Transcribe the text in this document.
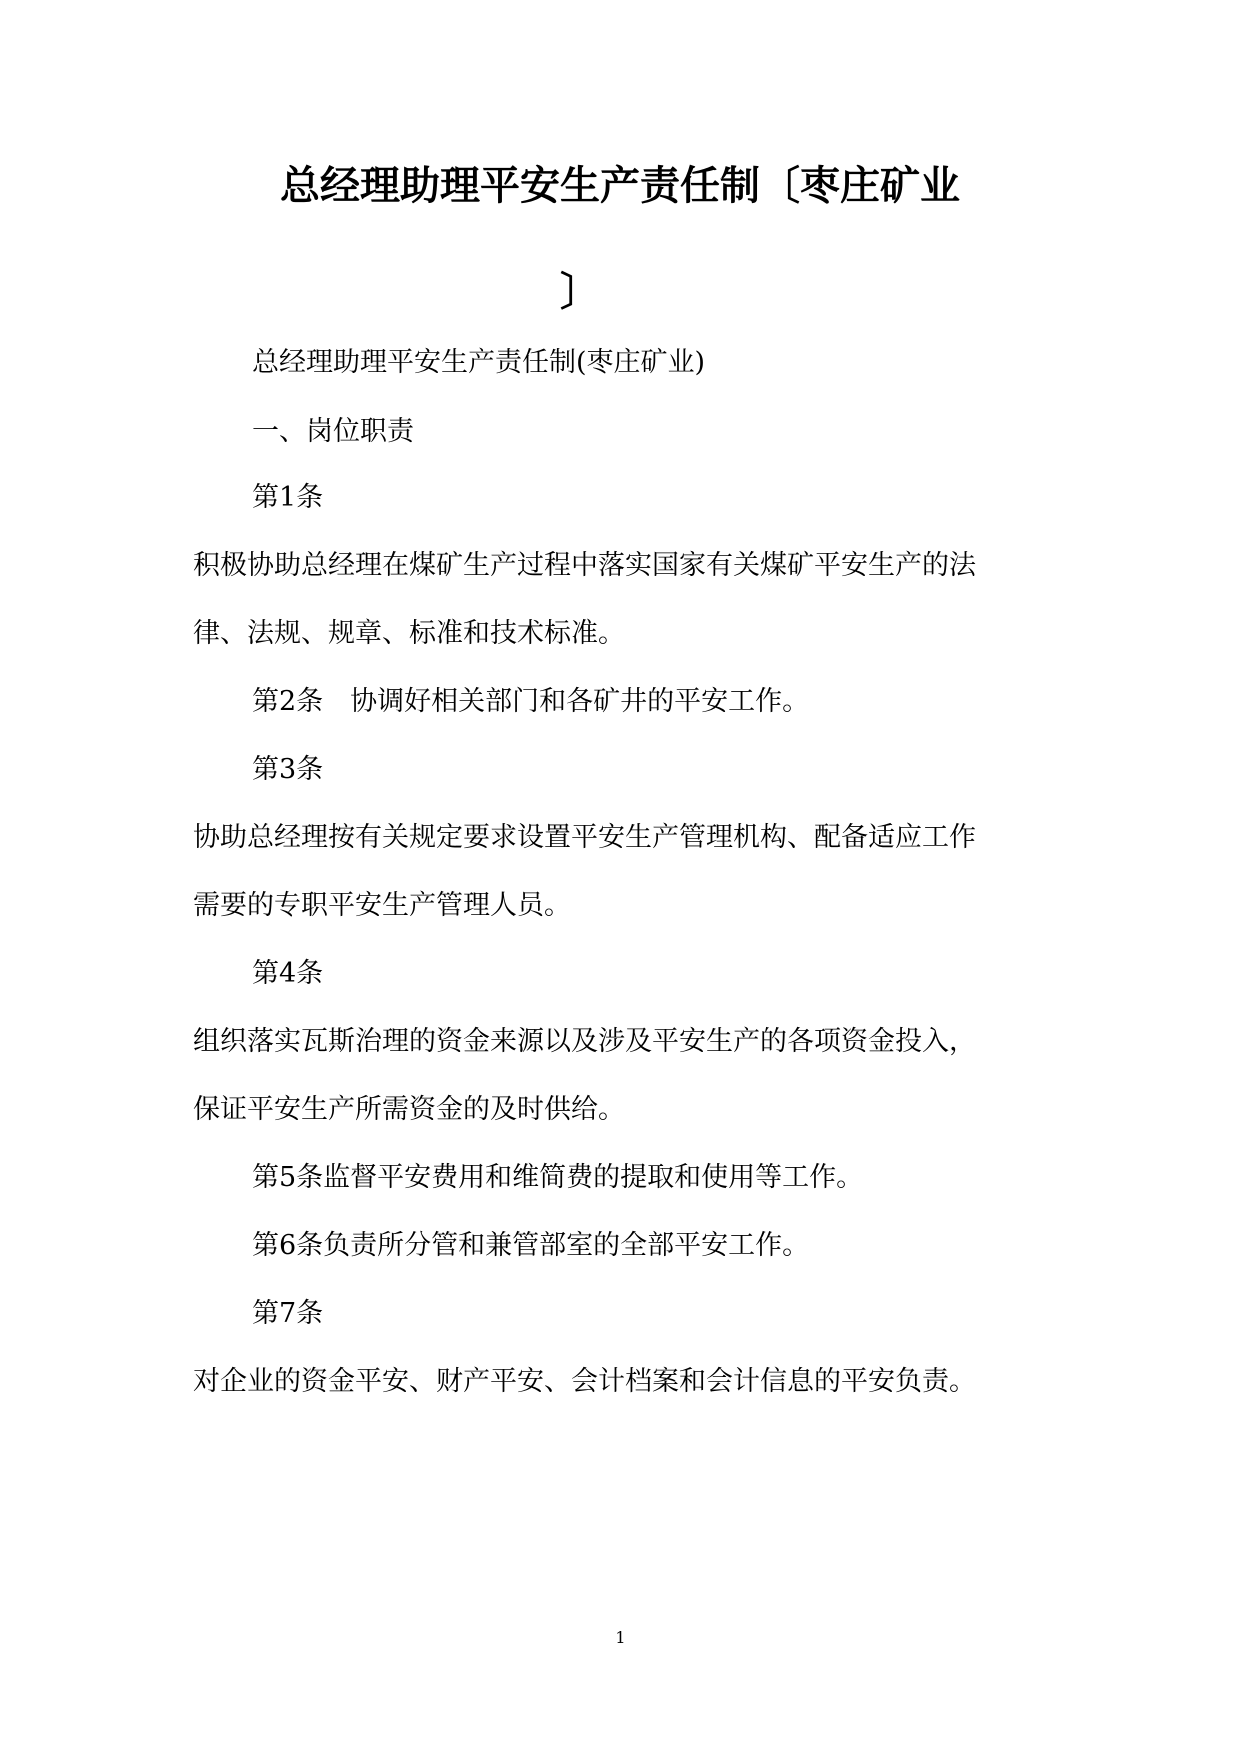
总经理助理平安生产责任制〔枣庄矿业
〕
总经理助理平安生产责任制(枣庄矿业)
一、岗位职责
第1条
积极协助总经理在煤矿生产过程中落实国家有关煤矿平安生产的法
律、法规、规章、标准和技术标准。
第2条　协调好相关部门和各矿井的平安工作。
第3条
协助总经理按有关规定要求设置平安生产管理机构、配备适应工作
需要的专职平安生产管理人员。
第4条
组织落实瓦斯治理的资金来源以及涉及平安生产的各项资金投入，
保证平安生产所需资金的及时供给。
第5条监督平安费用和维简费的提取和使用等工作。
第6条负责所分管和兼管部室的全部平安工作。
第7条
对企业的资金平安、财产平安、会计档案和会计信息的平安负责。
1
